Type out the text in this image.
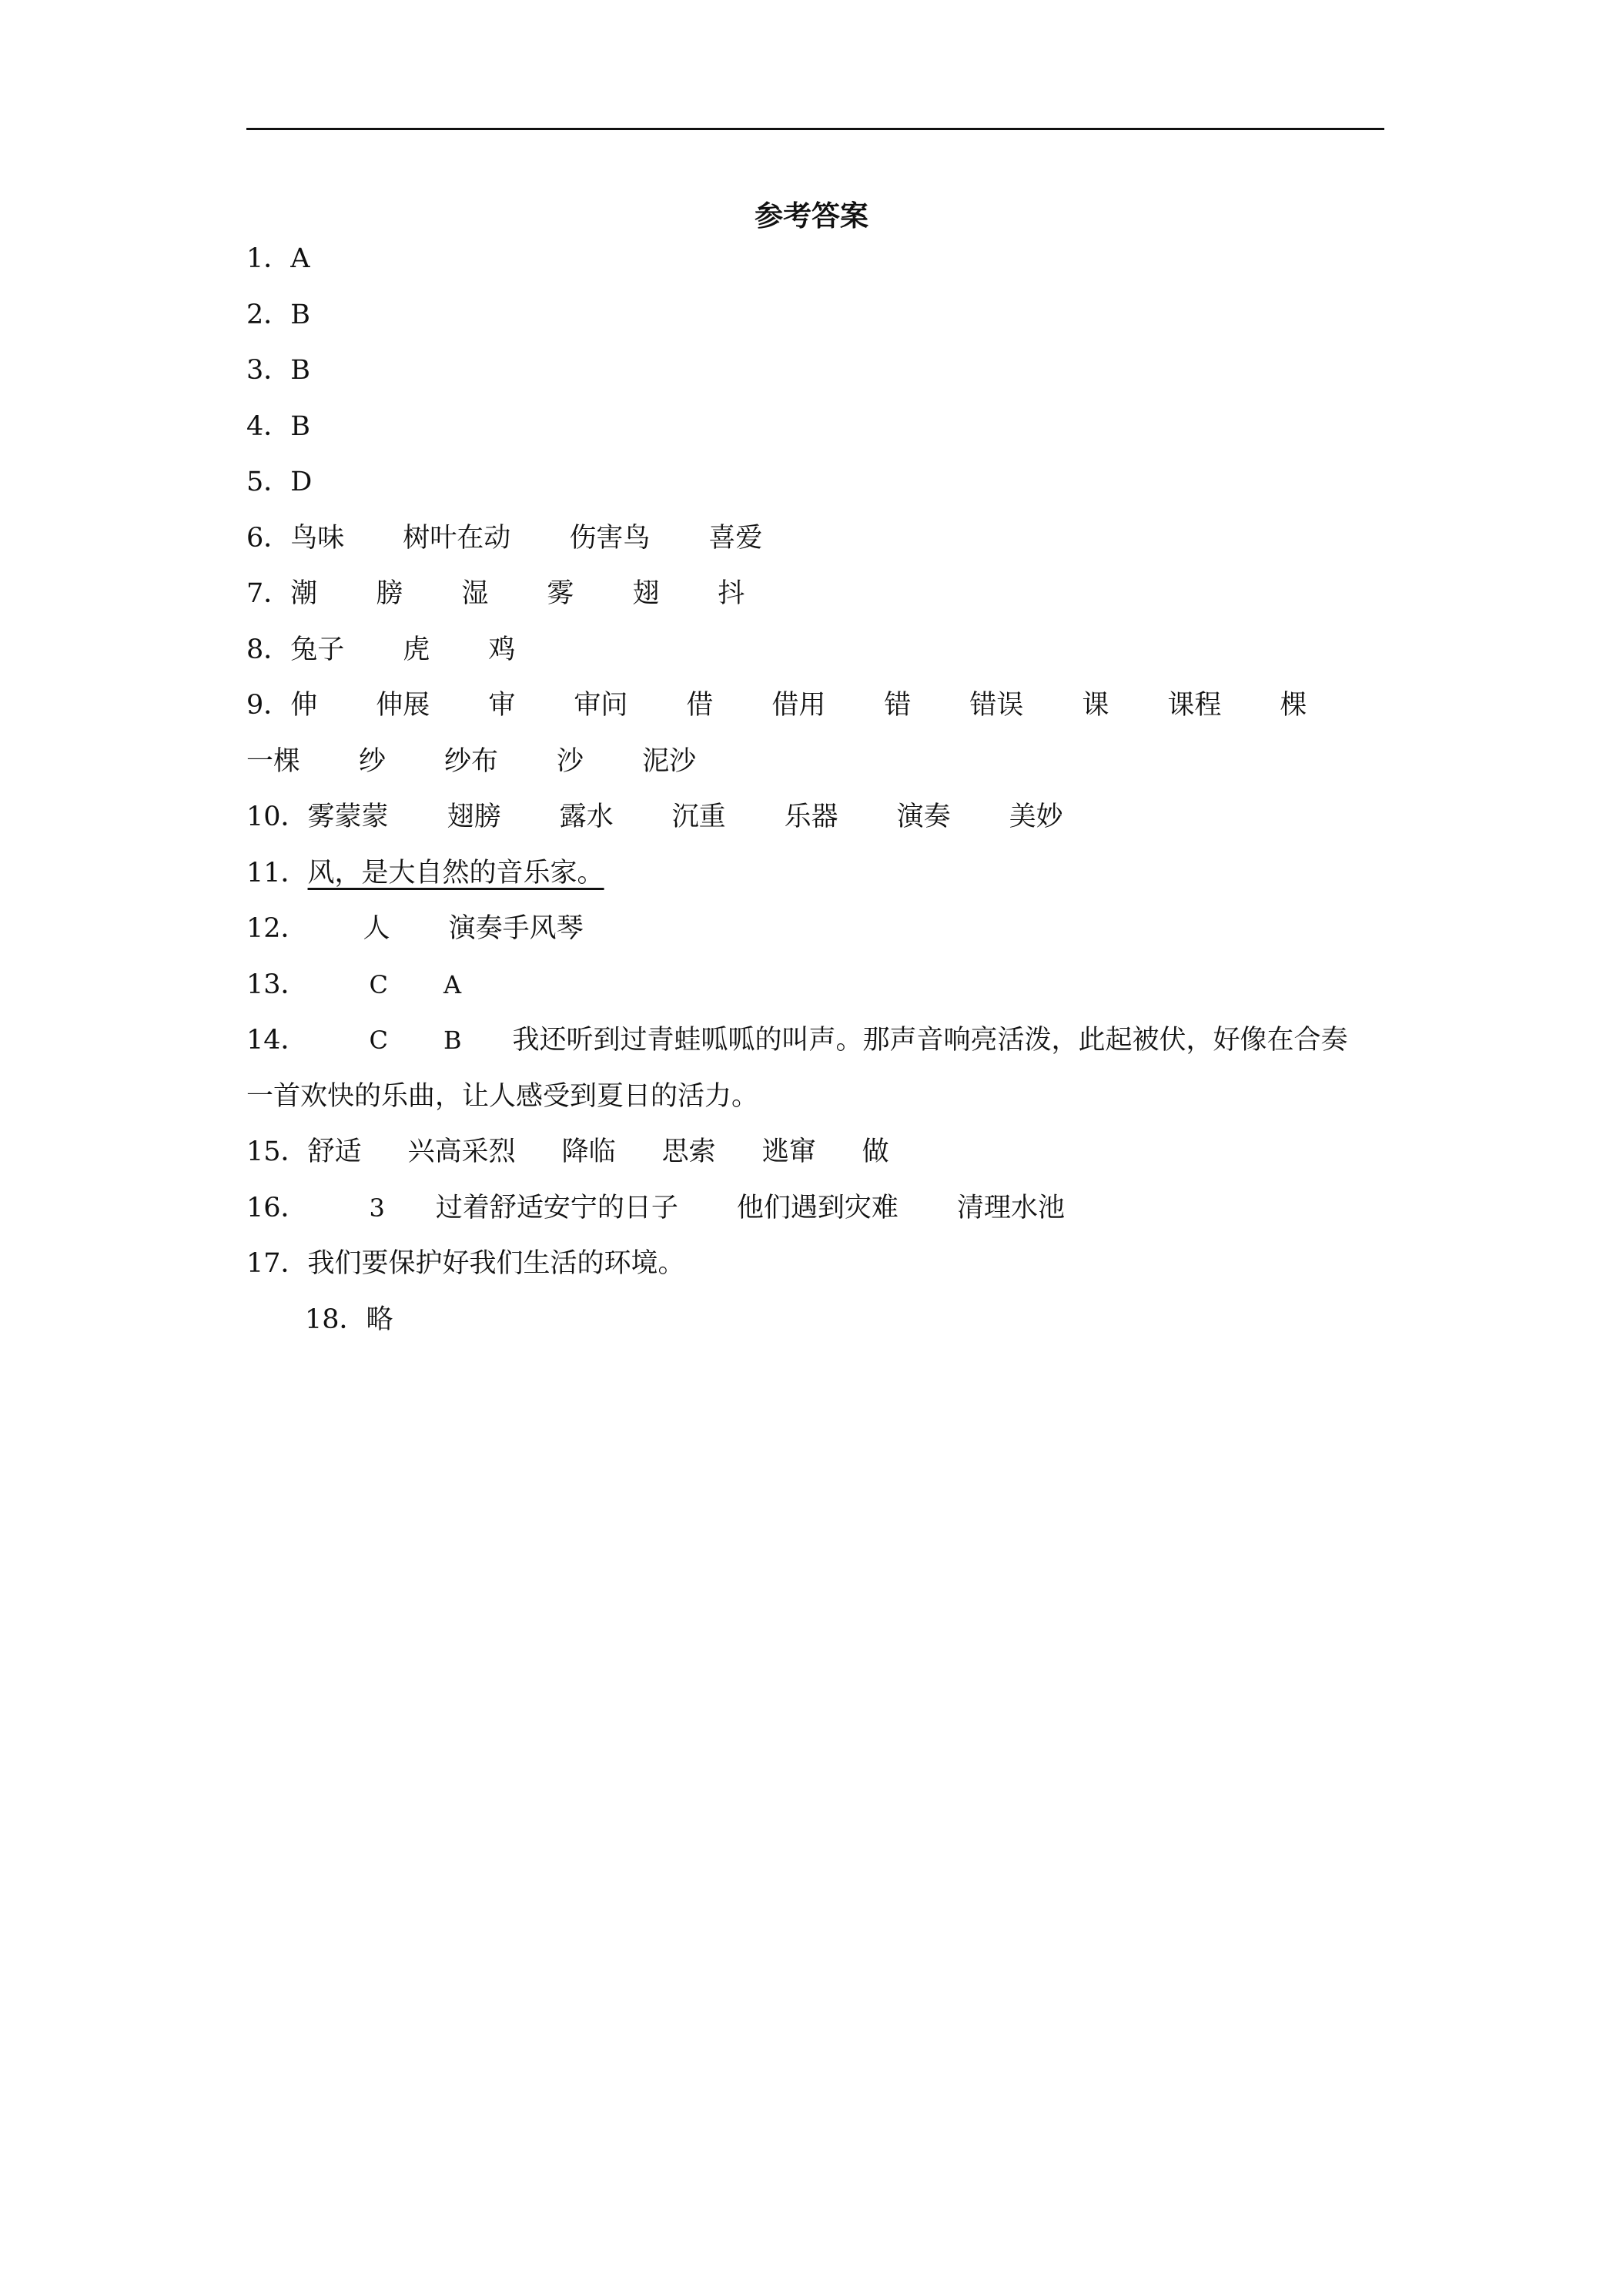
参考答案
1．A
2．B
3．B
4．B
5．D
6．鸟味 树叶在动 伤害鸟 喜爱
7．潮 膀 湿 雾 翅 抖
8．兔子 虎 鸡
9．伸 伸展 审 审问 借 借用 错 错误 课 课程 棵
一棵 纱 纱布 沙 泥沙
10．雾蒙蒙 翅膀 露水 沉重 乐器 演奏 美妙
11．风，是大自然的音乐家。
12． 人 演奏手风琴
13．	C A
14．	C B 我还听到过青蛙呱呱的叫声。那声音响亮活泼，此起被伏，好像在合奏
一首欢快的乐曲，让人感受到夏日的活力。
15．舒适 兴高采烈 降临 思索 逃窜 做
16．	3 过着舒适安宁的日子 他们遇到灾难 清理水池
17．我们要保护好我们生活的环境。
18．略
